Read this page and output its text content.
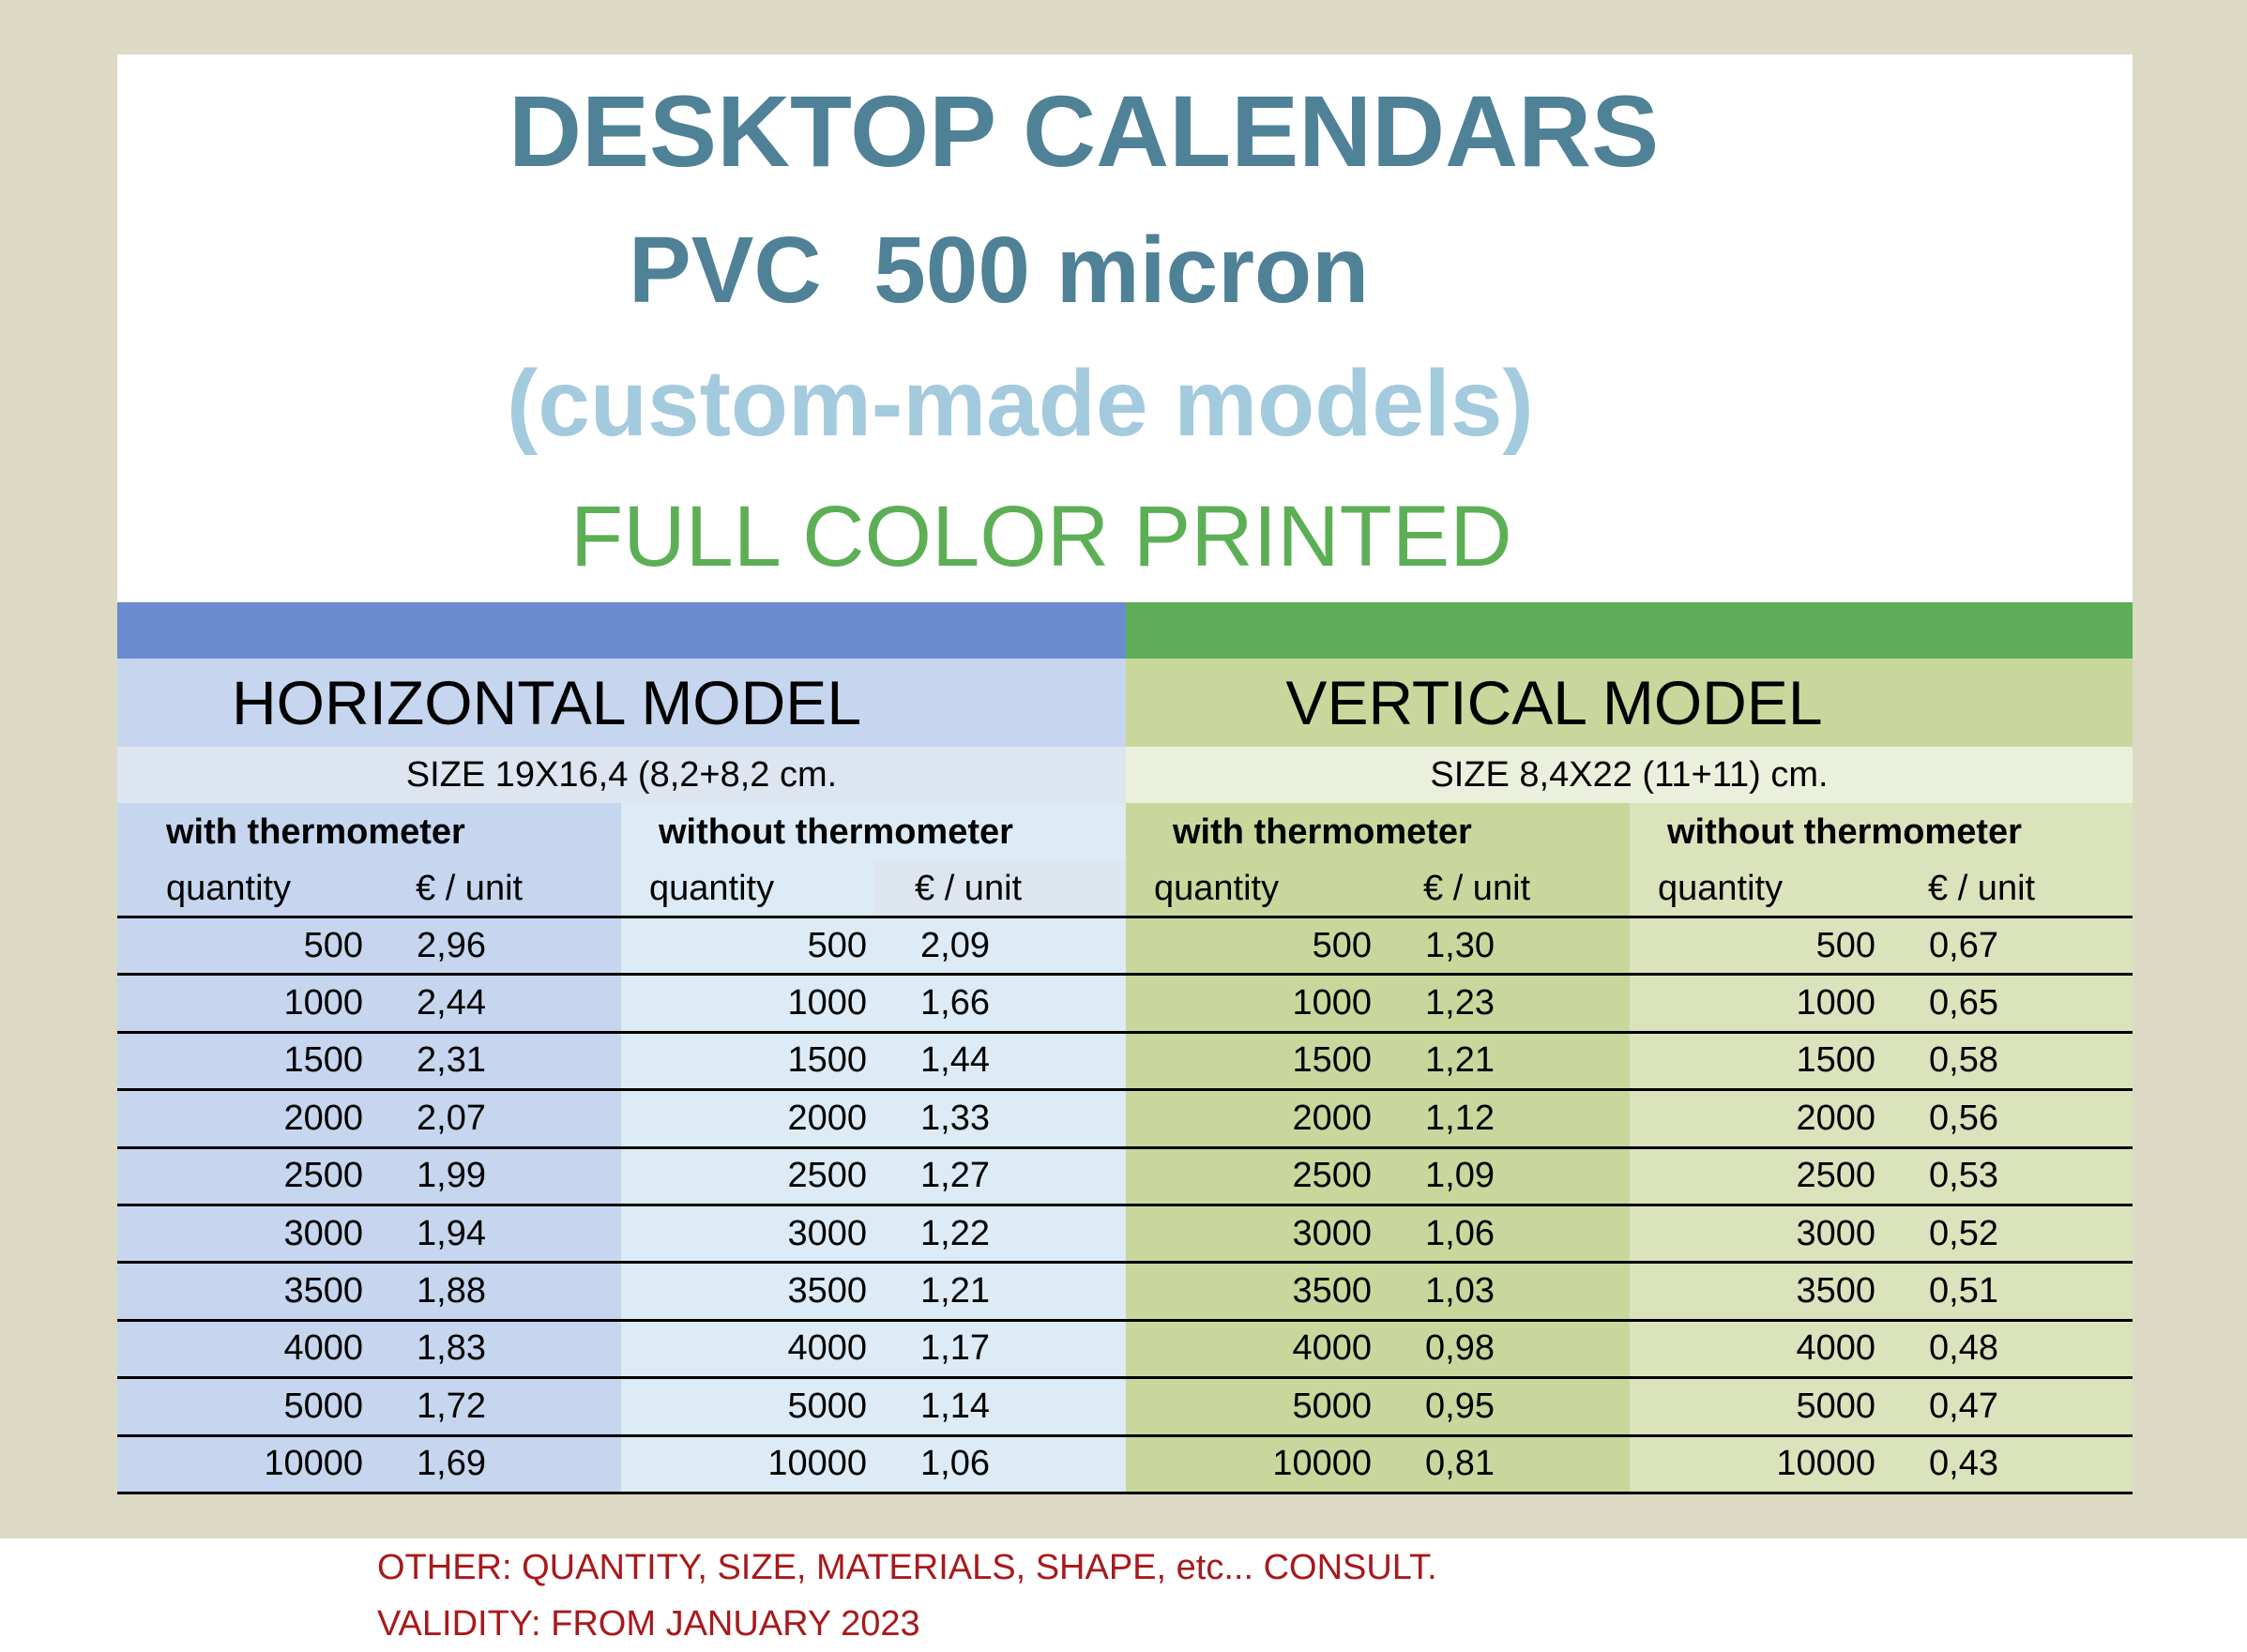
DESKTOP CALENDARS
PVC  500 micron
(custom-made models)
FULL COLOR PRINTED
HORIZONTAL MODEL	VERTICAL MODEL
SIZE 19X16,4 (8,2+8,2 cm.	SIZE 8,4X22 (11+11) cm.
with thermometer	without thermometer	with thermometer	without thermometer
quantity	€ / unit	quantity	€ / unit	quantity	€ / unit	quantity	€ / unit
500	2,96	500	2,09	500	1,30	500	0,67
1000	2,44	1000	1,66	1000	1,23	1000	0,65
1500	2,31	1500	1,44	1500	1,21	1500	0,58
2000	2,07	2000	1,33	2000	1,12	2000	0,56
2500	1,99	2500	1,27	2500	1,09	2500	0,53
3000	1,94	3000	1,22	3000	1,06	3000	0,52
3500	1,88	3500	1,21	3500	1,03	3500	0,51
4000	1,83	4000	1,17	4000	0,98	4000	0,48
5000	1,72	5000	1,14	5000	0,95	5000	0,47
10000	1,69	10000	1,06	10000	0,81	10000	0,43
OTHER: QUANTITY, SIZE, MATERIALS, SHAPE, etc... CONSULT.
VALIDITY: FROM JANUARY 2023
